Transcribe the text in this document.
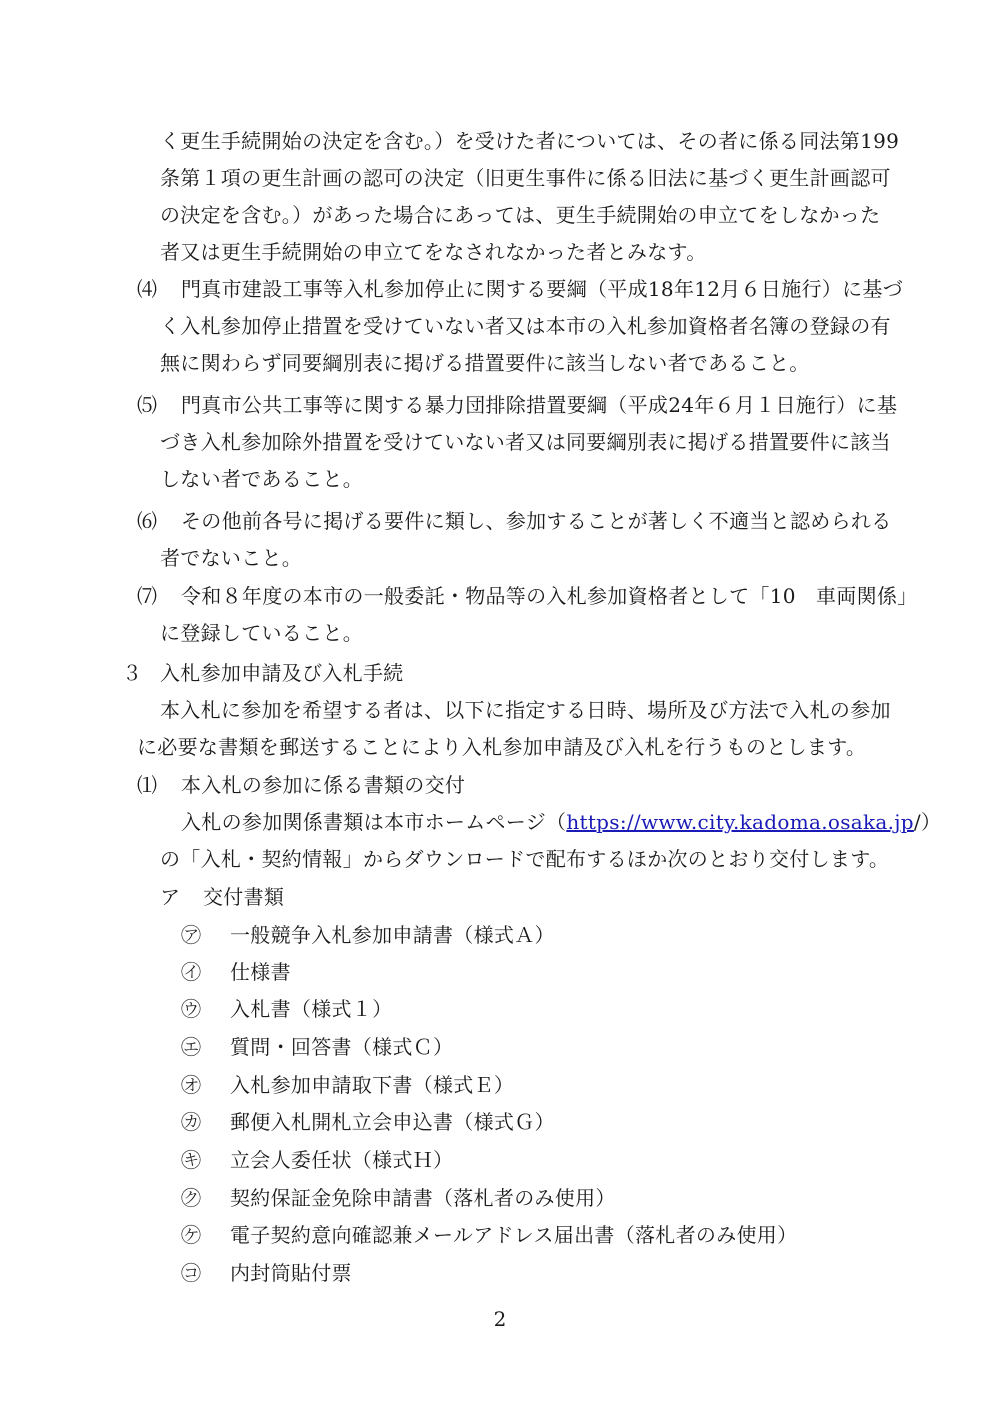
く更生手続開始の決定を含む。）を受けた者については、その者に係る同法第199
条第１項の更生計画の認可の決定（旧更生事件に係る旧法に基づく更生計画認可
の決定を含む。）があった場合にあっては、更生手続開始の申立てをしなかった
者又は更生手続開始の申立てをなされなかった者とみなす。
⑷ 門真市建設工事等入札参加停止に関する要綱（平成18年12月６日施行）に基づ
く入札参加停止措置を受けていない者又は本市の入札参加資格者名簿の登録の有
無に関わらず同要綱別表に掲げる措置要件に該当しない者であること。
⑸ 門真市公共工事等に関する暴力団排除措置要綱（平成24年６月１日施行）に基
づき入札参加除外措置を受けていない者又は同要綱別表に掲げる措置要件に該当
しない者であること。
⑹ その他前各号に掲げる要件に類し、参加することが著しく不適当と認められる
者でないこと。
⑺ 令和８年度の本市の一般委託・物品等の入札参加資格者として「10　車両関係」
に登録していること。
３ 入札参加申請及び入札手続
本入札に参加を希望する者は、以下に指定する日時、場所及び方法で入札の参加
に必要な書類を郵送することにより入札参加申請及び入札を行うものとします。
⑴ 本入札の参加に係る書類の交付
入札の参加関係書類は本市ホームページ（https://www.city.kadoma.osaka.jp/）
の「入札・契約情報」からダウンロードで配布するほか次のとおり交付します。
ア 交付書類
㋐ 一般競争入札参加申請書（様式Ａ）
㋑ 仕様書
㋒ 入札書（様式１）
㋓ 質問・回答書（様式Ｃ）
㋔ 入札参加申請取下書（様式Ｅ）
㋕ 郵便入札開札立会申込書（様式Ｇ）
㋖ 立会人委任状（様式Ｈ）
㋗ 契約保証金免除申請書（落札者のみ使用）
㋘ 電子契約意向確認兼メールアドレス届出書（落札者のみ使用）
㋙ 内封筒貼付票
2
